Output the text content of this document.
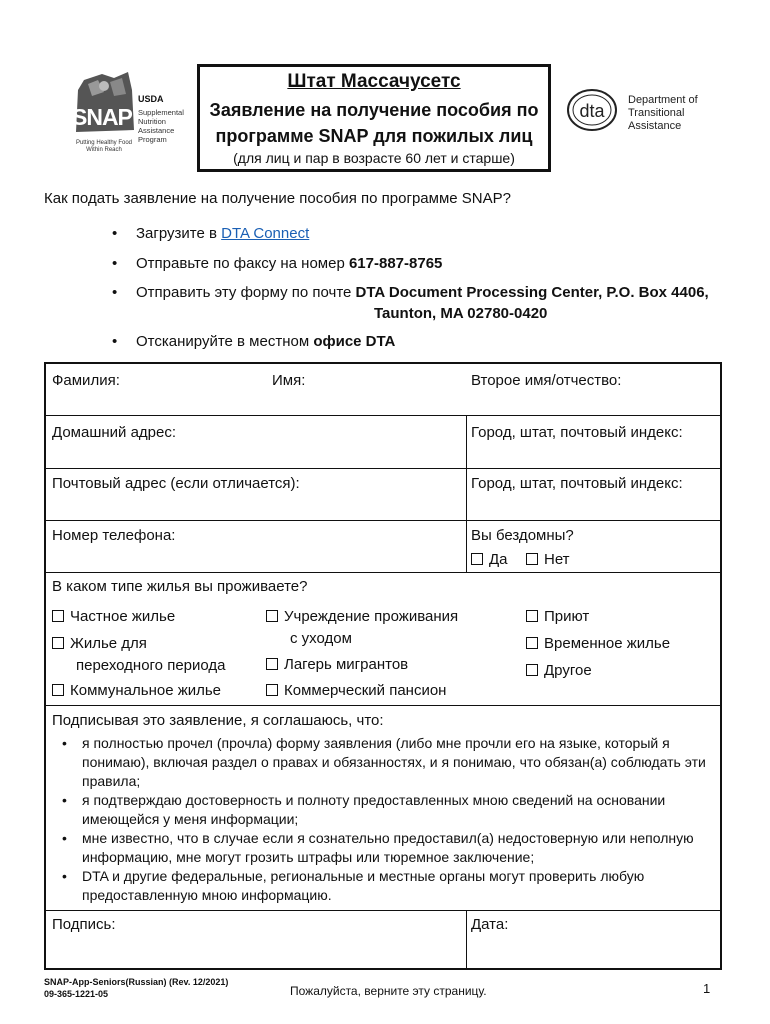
SNAP
USDA
Supplemental
Nutrition
Assistance
Program
Putting Healthy Food Within Reach
Штат Массачусетс
Заявление на получение пособия по
программе SNAP для пожилых лиц
(для лиц и пар в возрасте 60 лет и старше)
dta
Department of
Transitional
Assistance
Как подать заявление на получение пособия по программе SNAP?
• Загрузите в DTA Connect
• Отправьте по факсу на номер 617-887-8765
• Отправить эту форму по почте DTA Document Processing Center, P.O. Box 4406,
Taunton, MA 02780-0420
• Отсканируйте в местном офисе DTA
Фамилия:	Имя:	Второе имя/отчество:
Домашний адрес:	Город, штат, почтовый индекс:
Почтовый адрес (если отличается):	Город, штат, почтовый индекс:
Номер телефона:	Вы бездомны?
Да	Нет
В каком типе жилья вы проживаете?
Частное жилье
Жилье для
переходного периода
Коммунальное жилье
Учреждение проживания
с уходом
Лагерь мигрантов
Коммерческий пансион
Приют
Временное жилье
Другое
Подписывая это заявление, я соглашаюсь, что:
• я полностью прочел (прочла) форму заявления (либо мне прочли его на языке, который я понимаю), включая раздел о правах и обязанностях, и я понимаю, что обязан(а) соблюдать эти правила;
• я подтверждаю достоверность и полноту предоставленных мною сведений на основании имеющейся у меня информации;
• мне известно, что в случае если я сознательно предоставил(а) недостоверную или неполную информацию, мне могут грозить штрафы или тюремное заключение;
• DTA и другие федеральные, региональные и местные органы могут проверить любую предоставленную мною информацию.
Подпись:	Дата:
SNAP-App-Seniors(Russian) (Rev. 12/2021)
09-365-1221-05	Пожалуйста, верните эту страницу.	1
